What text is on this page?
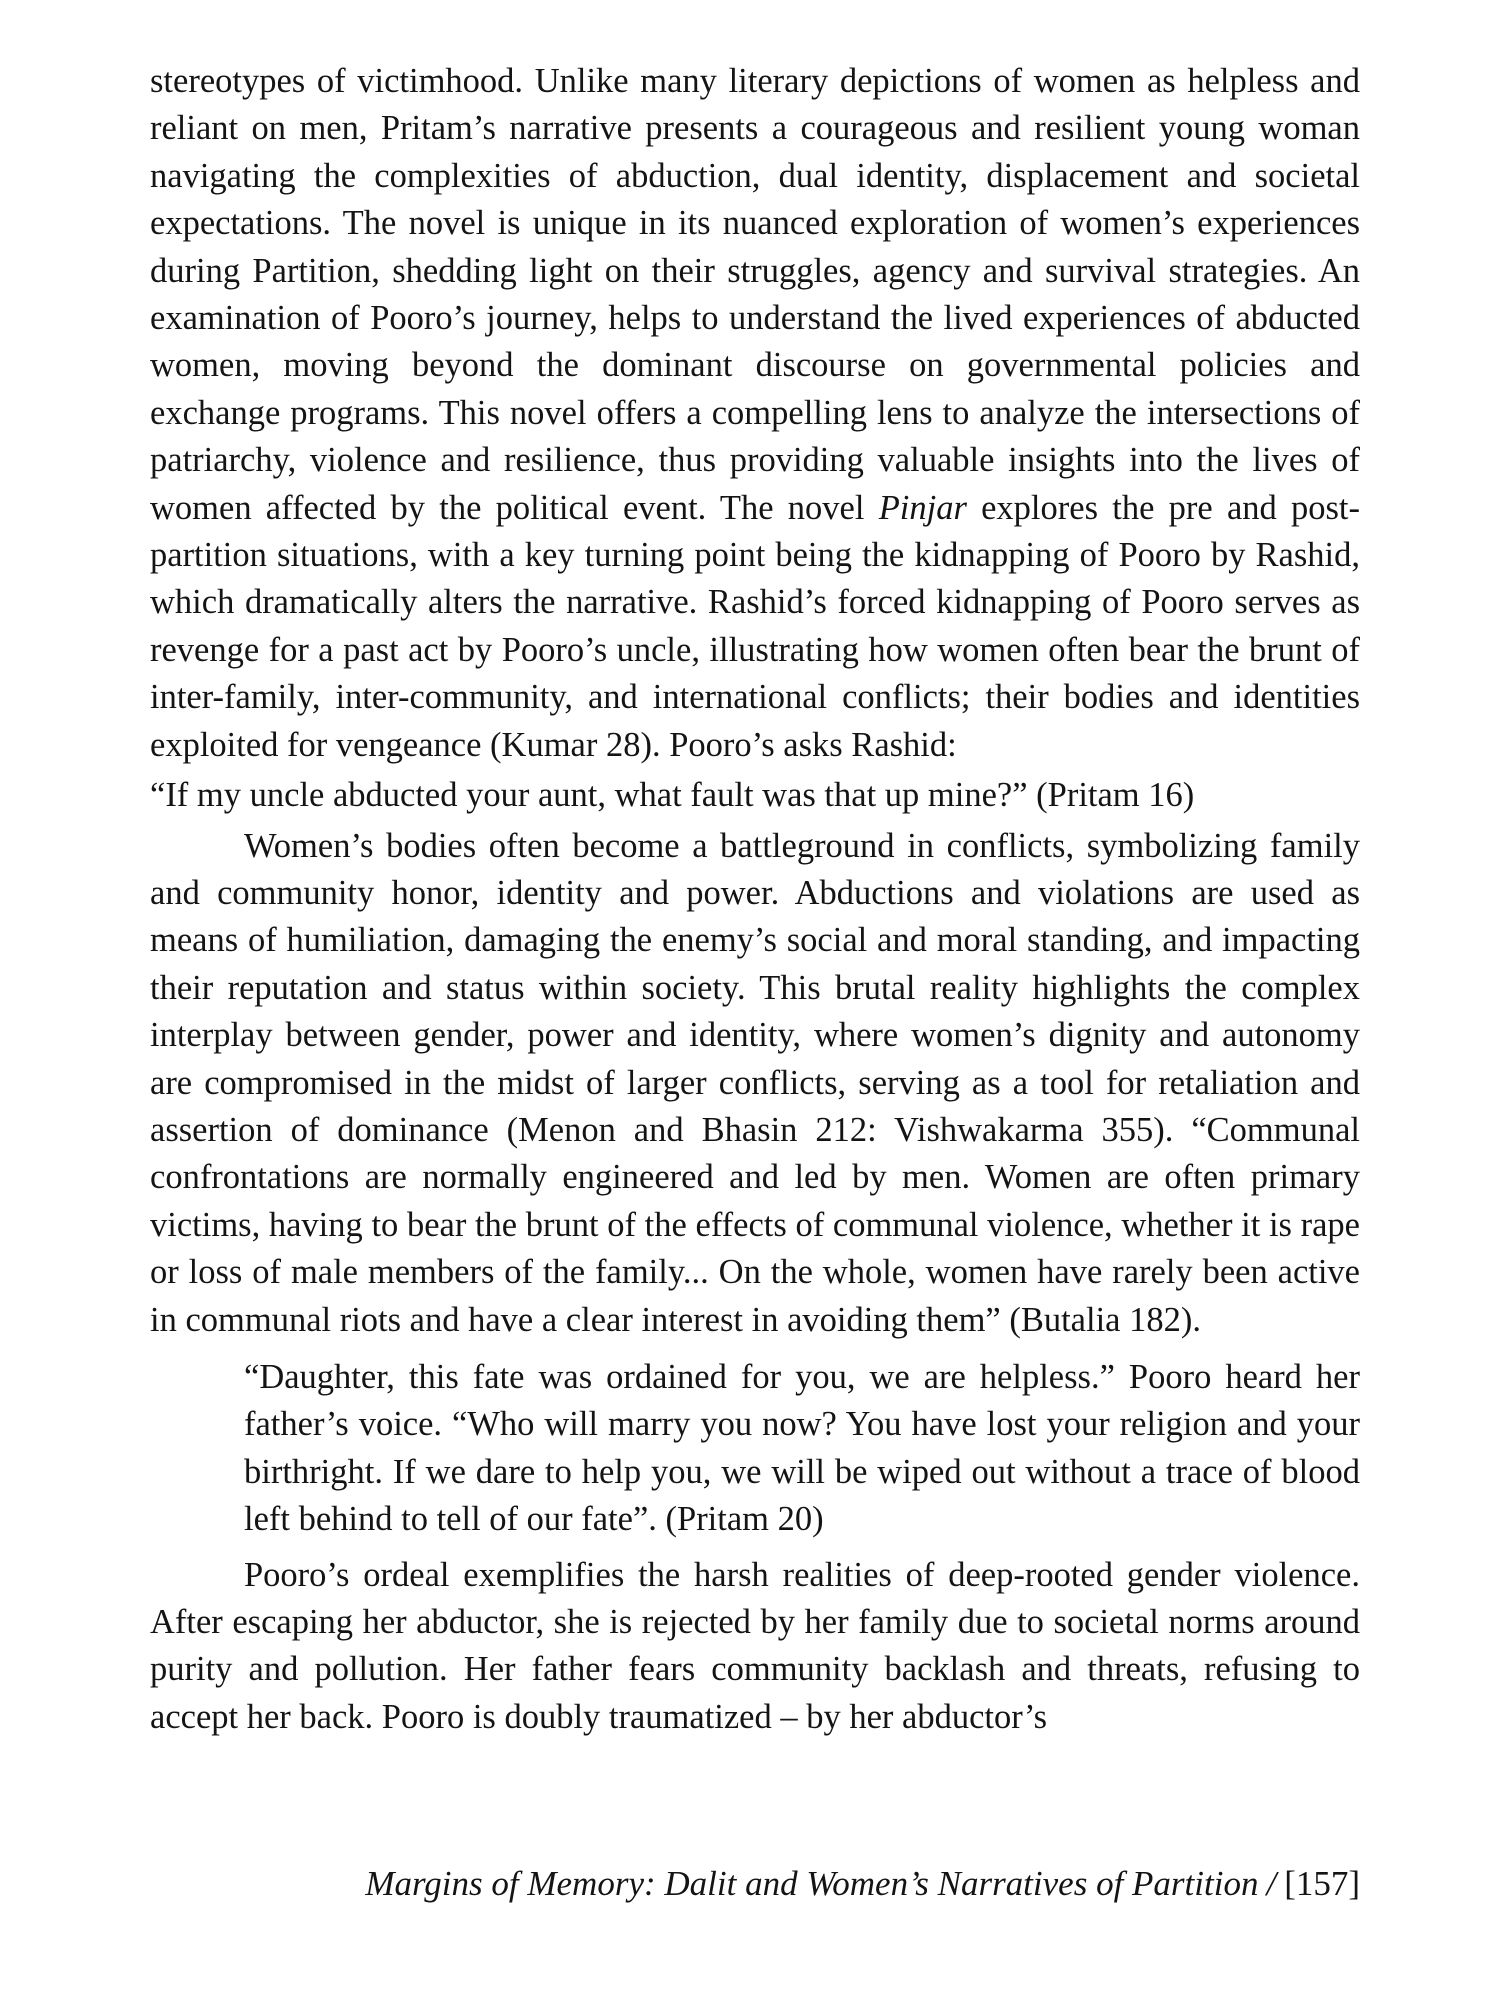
stereotypes of victimhood. Unlike many literary depictions of women as helpless and reliant on men, Pritam’s narrative presents a courageous and resilient young woman navigating the complexities of abduction, dual identity, displacement and societal expectations. The novel is unique in its nuanced exploration of women’s experiences during Partition, shedding light on their struggles, agency and survival strategies. An examination of Pooro’s journey, helps to understand the lived experiences of abducted women, moving beyond the dominant discourse on governmental policies and exchange programs. This novel offers a compelling lens to analyze the intersections of patriarchy, violence and resilience, thus providing valuable insights into the lives of women affected by the political event. The novel Pinjar explores the pre and post-partition situations, with a key turning point being the kidnapping of Pooro by Rashid, which dramatically alters the narrative. Rashid’s forced kidnapping of Pooro serves as revenge for a past act by Pooro’s uncle, illustrating how women often bear the brunt of inter-family, inter-community, and international conflicts; their bodies and identities exploited for vengeance (Kumar 28). Pooro’s asks Rashid:

“If my uncle abducted your aunt, what fault was that up mine?” (Pritam 16)

Women’s bodies often become a battleground in conflicts, symbolizing family and community honor, identity and power. Abductions and violations are used as means of humiliation, damaging the enemy’s social and moral standing, and impacting their reputation and status within society. This brutal reality highlights the complex interplay between gender, power and identity, where women’s dignity and autonomy are compromised in the midst of larger conflicts, serving as a tool for retaliation and assertion of dominance (Menon and Bhasin 212: Vishwakarma 355). “Communal confrontations are normally engineered and led by men. Women are often primary victims, having to bear the brunt of the effects of communal violence, whether it is rape or loss of male members of the family... On the whole, women have rarely been active in communal riots and have a clear interest in avoiding them” (Butalia 182).

“Daughter, this fate was ordained for you, we are helpless.” Pooro heard her father’s voice. “Who will marry you now? You have lost your religion and your birthright. If we dare to help you, we will be wiped out without a trace of blood left behind to tell of our fate”. (Pritam 20)

Pooro’s ordeal exemplifies the harsh realities of deep-rooted gender violence. After escaping her abductor, she is rejected by her family due to societal norms around purity and pollution. Her father fears community backlash and threats, refusing to accept her back. Pooro is doubly traumatized – by her abductor’s

Margins of Memory: Dalit and Women’s Narratives of Partition / [157]
